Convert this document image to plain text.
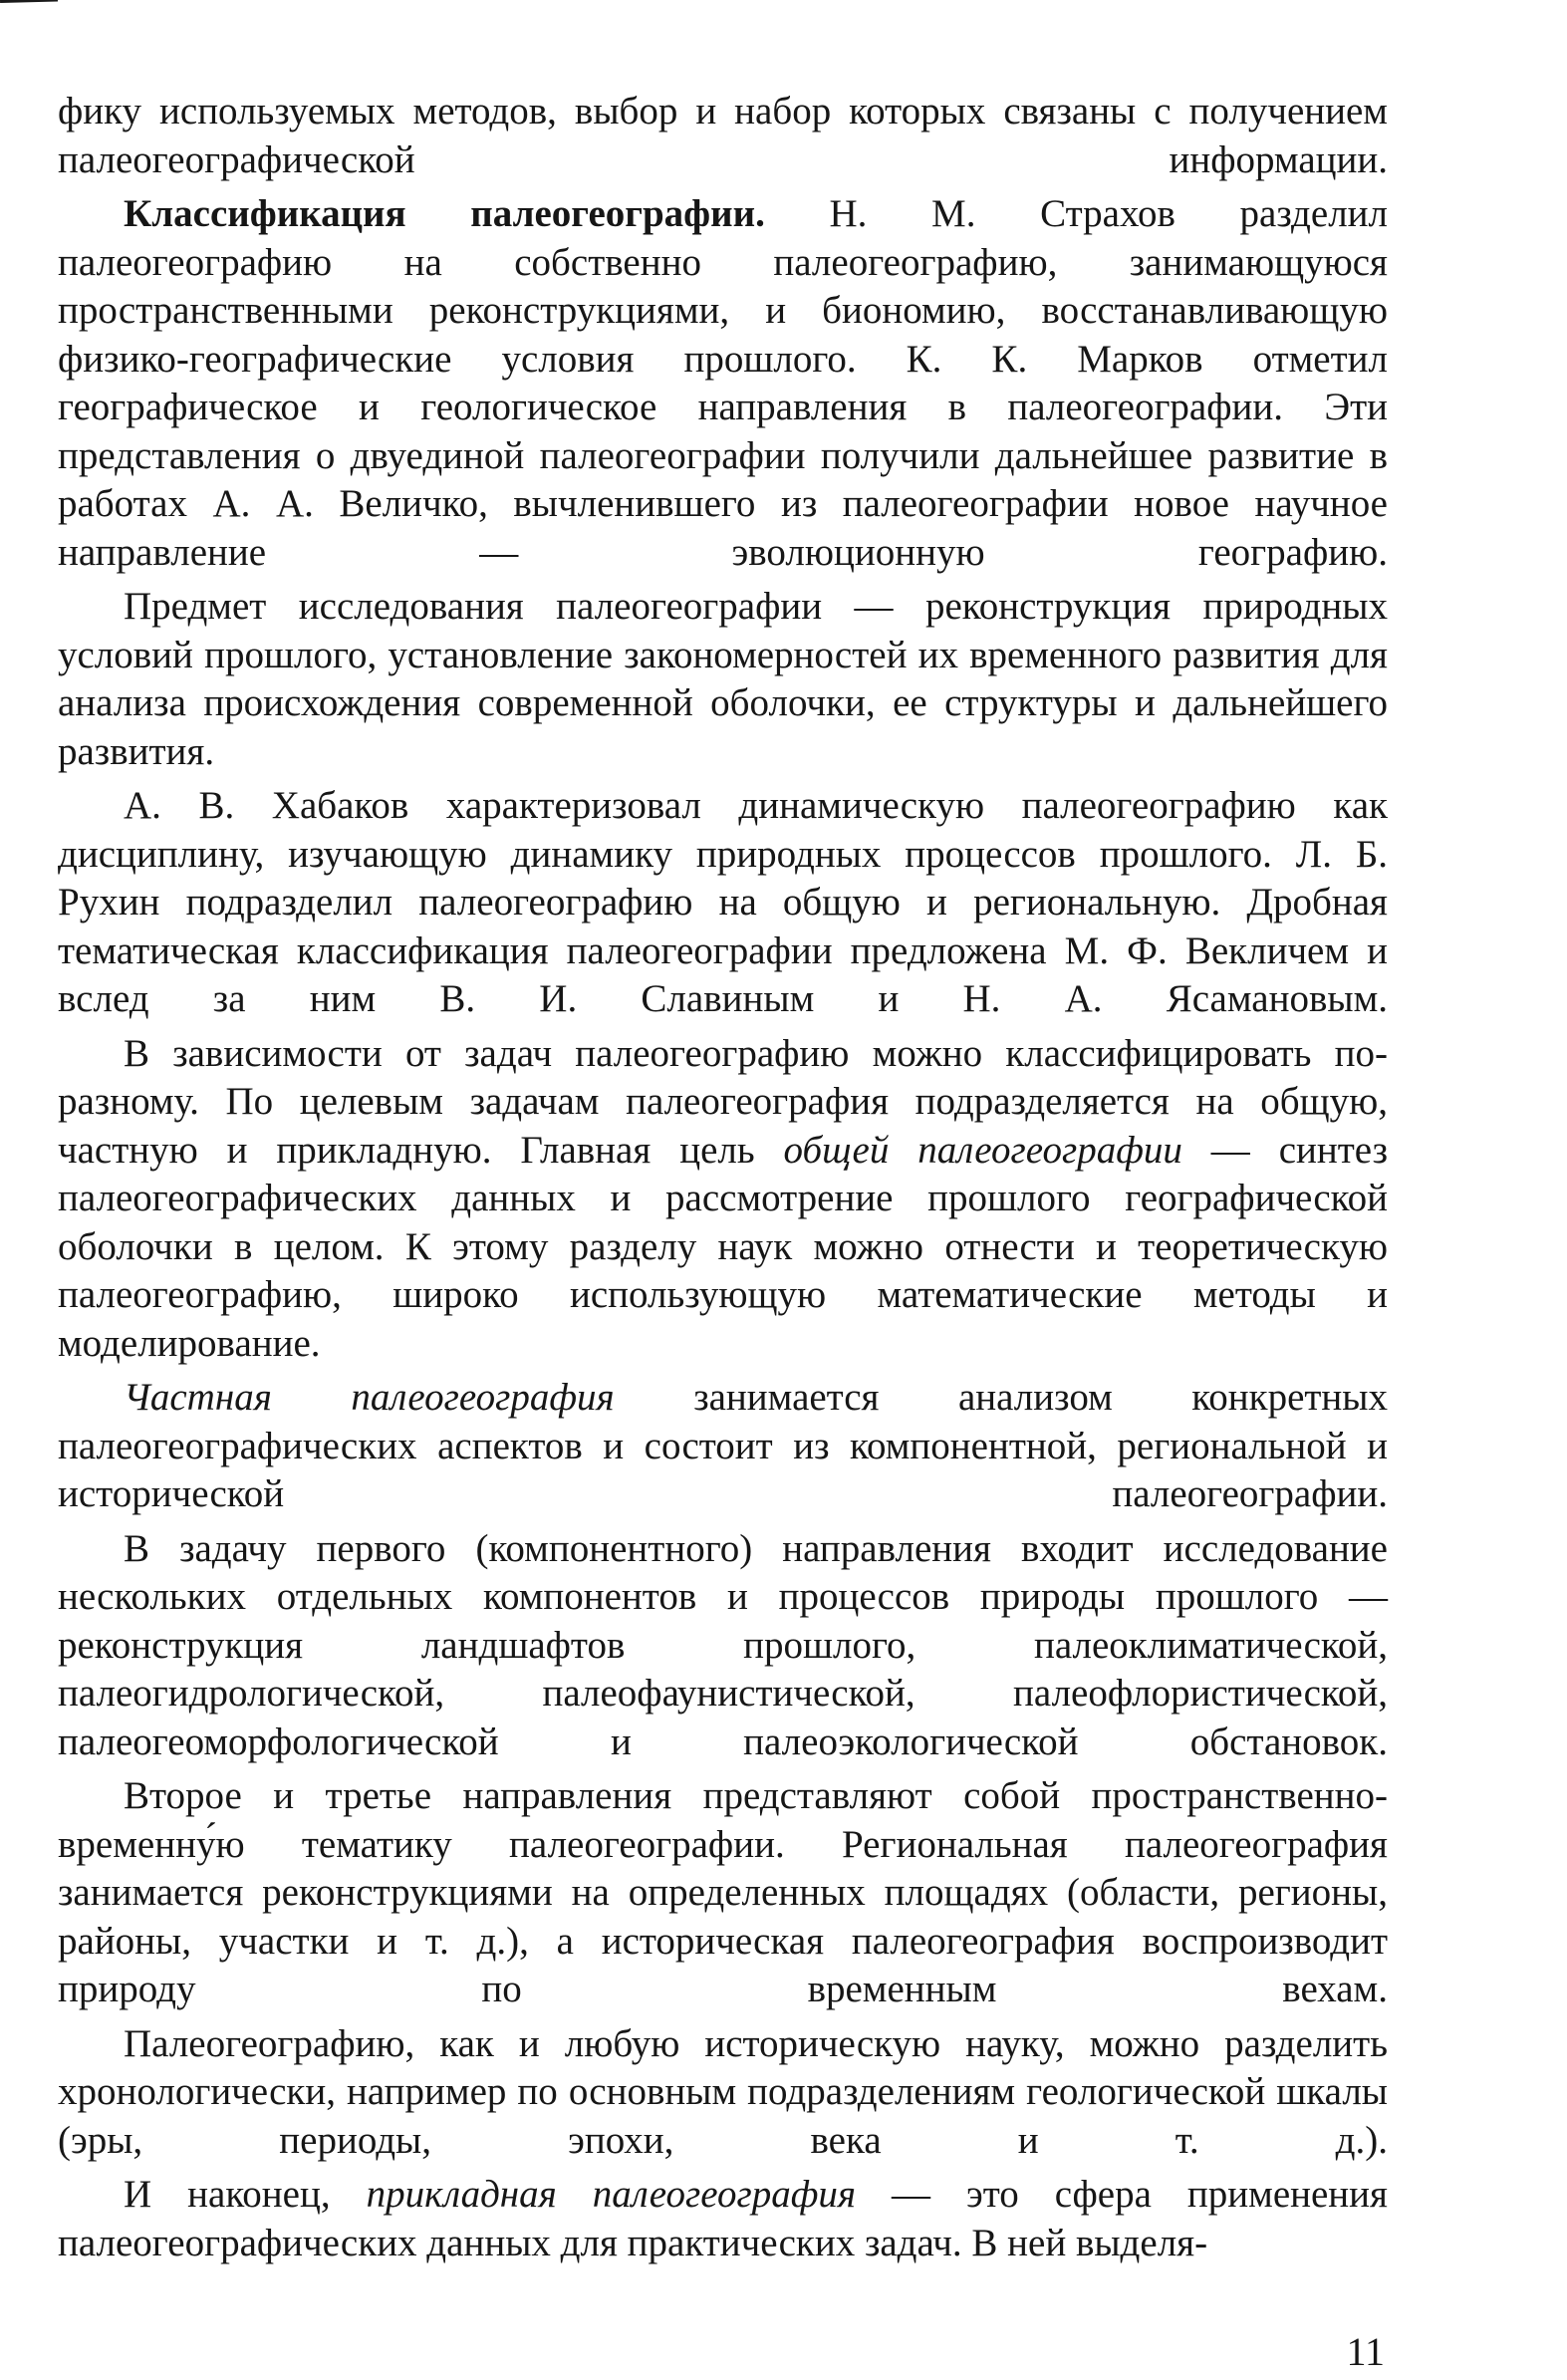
фику используемых методов, выбор и набор которых связаны с получением палеогеографической информации.

Классификация палеогеографии. Н. М. Страхов разделил палеогеографию на собственно палеогеографию, занимающуюся пространственными реконструкциями, и биономию, восстанавливающую физико-географические условия прошлого. К. К. Марков отметил географическое и геологическое направления в палеогеографии. Эти представления о двуединой палеогеографии получили дальнейшее развитие в работах А. А. Величко, вычленившего из палеогеографии новое научное направление — эволюционную географию.

Предмет исследования палеогеографии — реконструкция природных условий прошлого, установление закономерностей их временного развития для анализа происхождения современной оболочки, ее структуры и дальнейшего развития.

А. В. Хабаков характеризовал динамическую палеогеографию как дисциплину, изучающую динамику природных процессов прошлого. Л. Б. Рухин подразделил палеогеографию на общую и региональную. Дробная тематическая классификация палеогеографии предложена М. Ф. Векличем и вслед за ним В. И. Славиным и Н. А. Ясамановым.

В зависимости от задач палеогеографию можно классифицировать по-разному. По целевым задачам палеогеография подразделяется на общую, частную и прикладную. Главная цель общей палеогеографии — синтез палеогеографических данных и рассмотрение прошлого географической оболочки в целом. К этому разделу наук можно отнести и теоретическую палеогеографию, широко использующую математические методы и моделирование.

Частная палеогеография занимается анализом конкретных палеогеографических аспектов и состоит из компонентной, региональной и исторической палеогеографии.

В задачу первого (компонентного) направления входит исследование нескольких отдельных компонентов и процессов природы прошлого — реконструкция ландшафтов прошлого, палеоклиматической, палеогидрологической, палеофаунистической, палеофлористической, палеогеоморфологической и палеоэкологической обстановок.

Второе и третье направления представляют собой пространственно-временну́ю тематику палеогеографии. Региональная палеогеография занимается реконструкциями на определенных площадях (области, регионы, районы, участки и т. д.), а историческая палеогеография воспроизводит природу по временным вехам.

Палеогеографию, как и любую историческую науку, можно разделить хронологически, например по основным подразделениям геологической шкалы (эры, периоды, эпохи, века и т. д.).

И наконец, прикладная палеогеография — это сфера применения палеогеографических данных для практических задач. В ней выделя-

11
